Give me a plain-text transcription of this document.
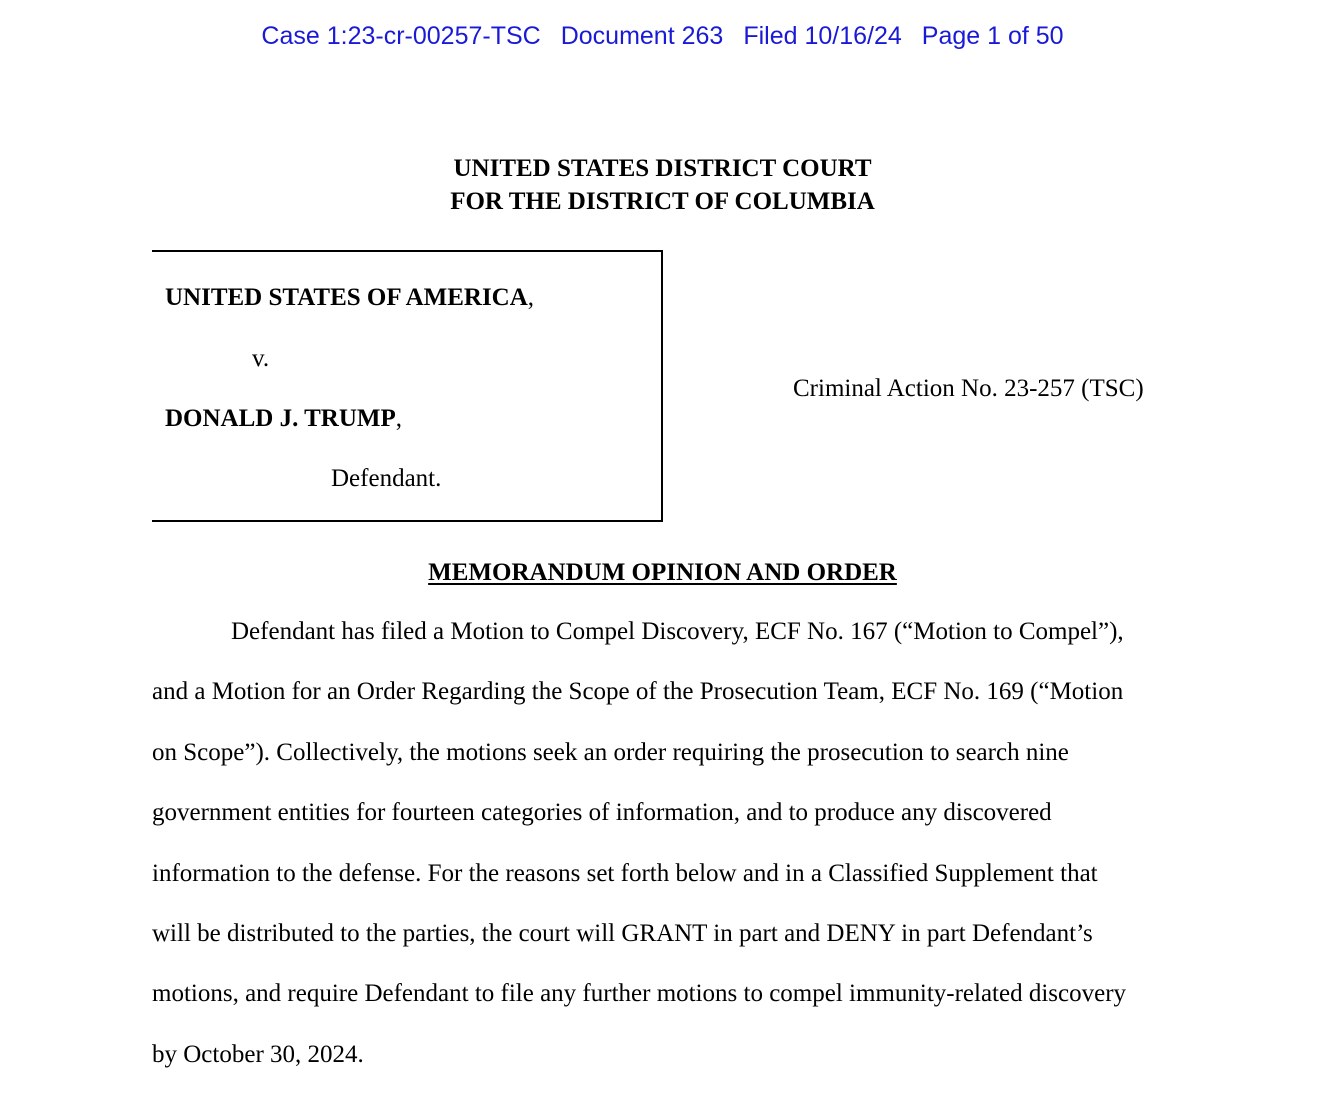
Case 1:23-cr-00257-TSC Document 263 Filed 10/16/24 Page 1 of 50
UNITED STATES DISTRICT COURT
FOR THE DISTRICT OF COLUMBIA
UNITED STATES OF AMERICA,
v.
DONALD J. TRUMP,
Defendant.
Criminal Action No. 23-257 (TSC)
MEMORANDUM OPINION AND ORDER
Defendant has filed a Motion to Compel Discovery, ECF No. 167 (“Motion to Compel”),
and a Motion for an Order Regarding the Scope of the Prosecution Team, ECF No. 169 (“Motion
on Scope”). Collectively, the motions seek an order requiring the prosecution to search nine
government entities for fourteen categories of information, and to produce any discovered
information to the defense. For the reasons set forth below and in a Classified Supplement that
will be distributed to the parties, the court will GRANT in part and DENY in part Defendant’s
motions, and require Defendant to file any further motions to compel immunity-related discovery
by October 30, 2024.
